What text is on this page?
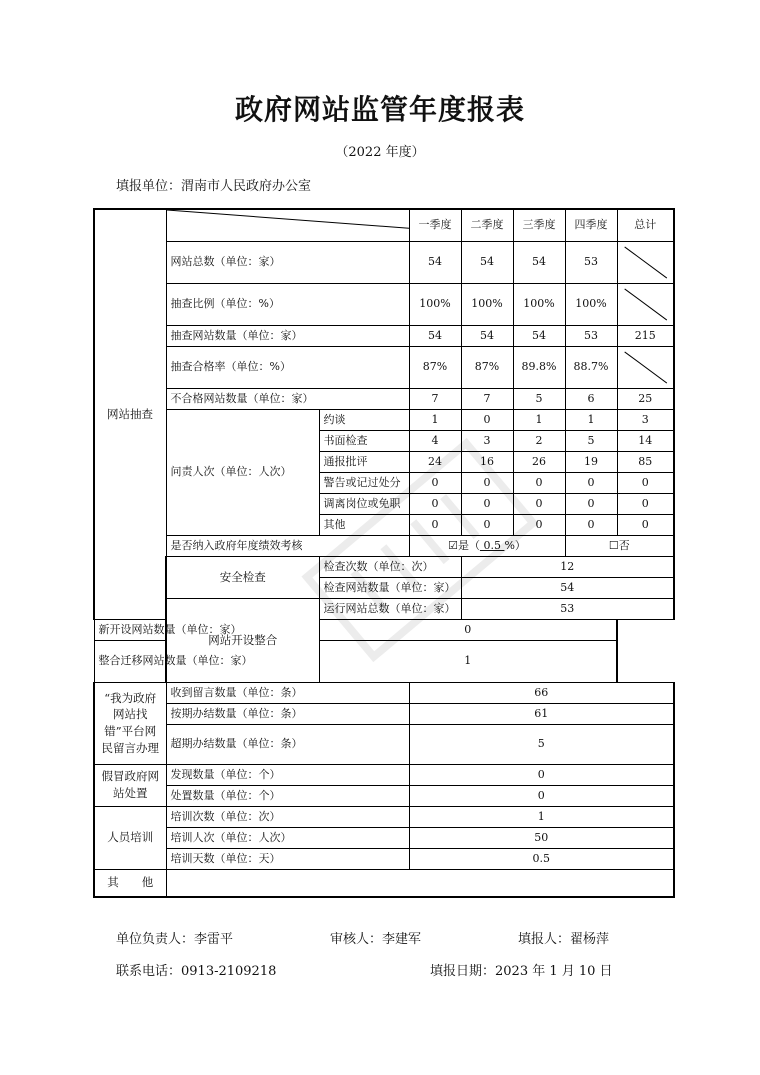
政府网站监管年度报表
（2022 年度）
填报单位：渭南市人民政府办公室
网站抽查			一季度	二季度	三季度	四季度	总计
	网站总数（单位：家）		54	54	54	53	

	抽查比例（单位：%）		100%	100%	100%	100%	

	抽查网站数量（单位：家）		54	54	54	53	215
	抽查合格率（单位：%）		87%	87%	89.8%	88.7%	

	不合格网站数量（单位：家）		7	7	5	6	25
	问责人次（单位：人次）	约谈	1	0	1	1	3
		书面检查	4	3	2	5	14
		通报批评	24	16	26	19	85
		警告或记过处分	0	0	0	0	0
		调离岗位或免职	0	0	0	0	0
		其他	0	0	0	0	0
	是否纳入政府年度绩效考核		☑是（ 0.5 %）			☐否	
	安全检查	检查次数（单位：次）		12			
		检查网站数量（单位：家）		54			
	网站开设整合	运行网站总数（单位：家）		53			
新开设网站数量（单位：家）		0					
整合迁移网站数量（单位：家）		1					
“我为政府网站找错”平台网民留言办理	收到留言数量（单位：条）		66				
	按期办结数量（单位：条）		61				
	超期办结数量（单位：条）		5				
假冒政府网站处置	发现数量（单位：个）		0				
	处置数量（单位：个）		0				
人员培训	培训次数（单位：次）		1				
	培训人次（单位：人次）		50				
	培训天数（单位：天）		0.5				
其　　他							
单位负责人：李雷平	审核人：李建军	填报人：翟杨萍
联系电话：0913-2109218	填报日期：2023 年 1 月 10 日
